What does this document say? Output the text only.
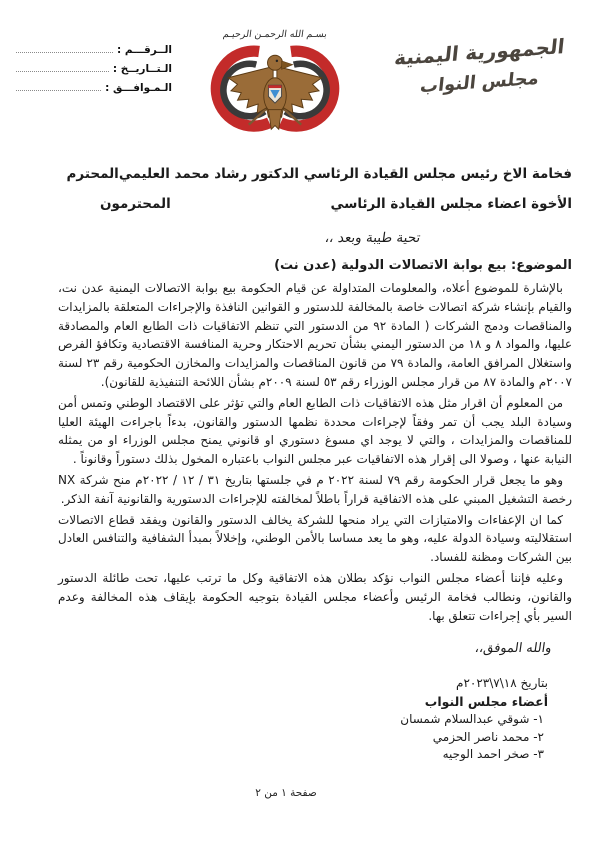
الجمهورية اليمنية
مجلس النواب
بسـم الله الرحمـن الرحيـم
الــرقـــم :
الـتــاريــخ :
الـمـوافـــق :
فخامة الاخ رئيس مجلس القيادة الرئاسي الدكتور رشاد محمد العليمي
المحترم
الأخوة اعضاء مجلس القيادة الرئاسي
المحترمون
تحية طيبة وبعد ،،
الموضوع: بيع بوابة الاتصالات الدولية (عدن نت)

بالإشارة للموضوع أعلاه، والمعلومات المتداولة عن قيام الحكومة بيع بوابة الاتصالات اليمنية عدن نت، والقيام بإنشاء شركة اتصالات خاصة بالمخالفة للدستور و القوانين النافذة والإجراءات المتعلقة بالمزايدات والمناقصات ودمج الشركات ( المادة ٩٢ من الدستور التي تنظم الاتفاقيات ذات الطابع العام والمصادقة عليها، والمواد ٨ و ١٨ من الدستور اليمني بشأن تحريم الاحتكار وحرية المنافسة الاقتصادية وتكافؤ الفرص واستغلال المرافق العامة، والمادة ٧٩ من قانون المناقصات والمزايدات والمخازن الحكومية رقم ٢٣ لسنة ٢٠٠٧م والمادة ٨٧ من قرار مجلس الوزراء رقم ٥٣ لسنة ٢٠٠٩م بشأن اللائحة التنفيذية للقانون).

من المعلوم أن اقرار مثل هذه الاتفاقيات ذات الطابع العام والتي تؤثر على الاقتصاد الوطني وتمس أمن وسيادة البلد يجب أن تمر وفقاً لإجراءات محددة نظمها الدستور والقانون، بدءاً باجراءت الهيئة العليا للمناقصات والمزايدات ، والتي لا يوجد اي مسوغ دستوري او قانوني يمنح مجلس الوزراء او من يمثله النيابة عنها ، وصولا الى إقرار هذه الاتفاقيات عبر مجلس النواب باعتباره المخول بذلك دستوراً وقانوناً .

وهو ما يجعل قرار الحكومة رقم ٧٩ لسنة ٢٠٢٢ م في جلستها بتاريخ ٣١ / ١٢ / ٢٠٢٢م منح شركة NX رخصة التشغيل المبني على هذه الاتفاقية قراراً باطلاً لمخالفته للإجراءات الدستورية والقانونية آنفة الذكر.

كما ان الإعفاءات والامتيازات التي يراد منحها للشركة يخالف الدستور والقانون ويفقد قطاع الاتصالات استقلاليته وسيادة الدولة عليه، وهو ما يعد مساسا بالأمن الوطني، وإخلالاً بمبدأ الشفافية والتنافس العادل بين الشركات ومظنة للفساد.

وعليه فإننا أعضاء مجلس النواب نؤكد بطلان هذه الاتفاقية وكل ما ترتب عليها، تحت طائلة الدستور والقانون، ونطالب فخامة الرئيس وأعضاء مجلس القيادة بتوجيه الحكومة بإيقاف هذه المخالفة وعدم السير بأي إجراءات تتعلق بها.

والله الموفق،،
بتاريخ ١٨\٧\٢٠٢٣م
أعضاء مجلس النواب
١- شوقي عبدالسلام شمسان
٢- محمد ناصر الحزمي
٣- صخر احمد الوجيه
صفحة ١ من ٢
